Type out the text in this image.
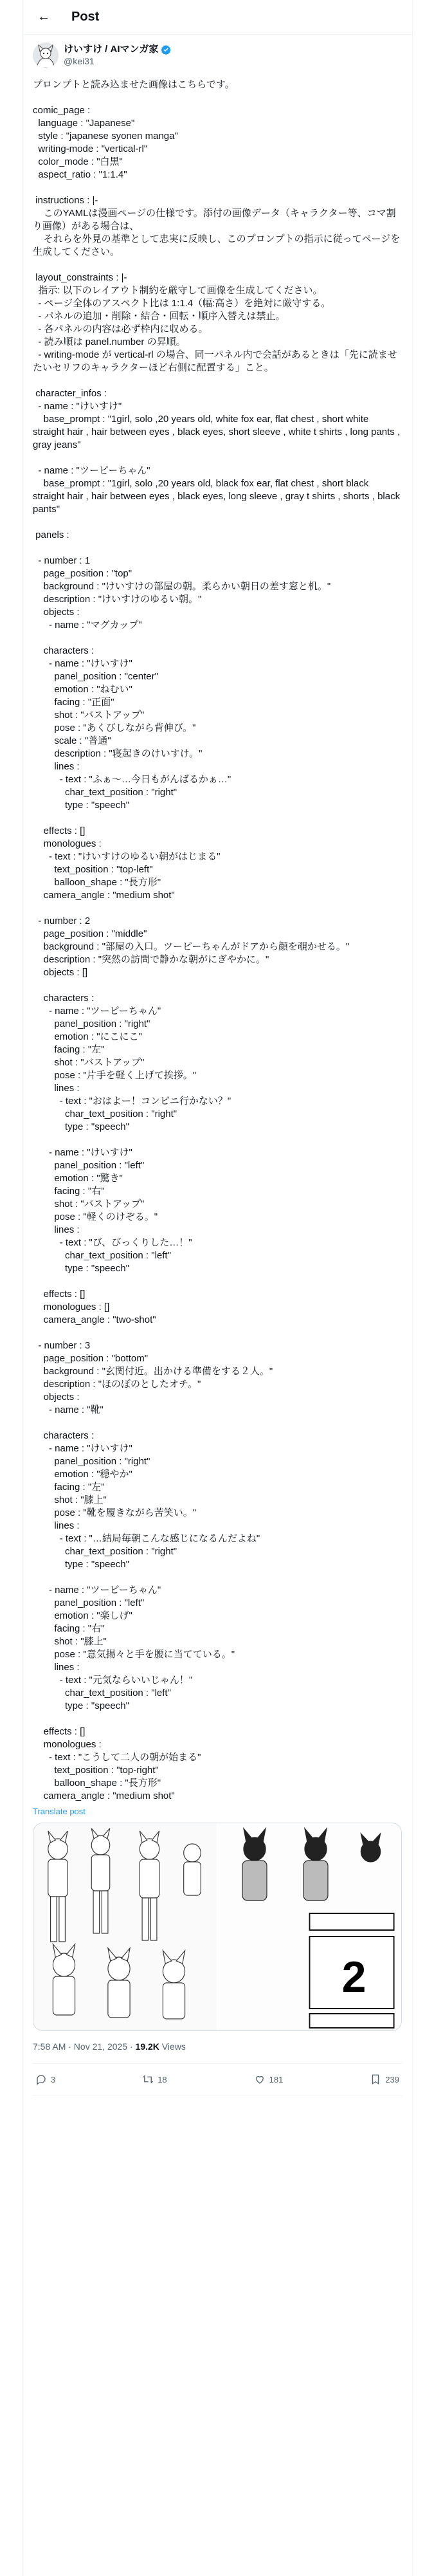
← Post
けいすけ / AIマンガ家
@kei31
プロンプトと読み込ませた画像はこちらです。

comic_page :
language : "Japanese"
style : "japanese syonen manga"
writing-mode : "vertical-rl"
color_mode : "白黒"
aspect_ratio : "1:1.4"

instructions : |-
このYAMLは漫画ページの仕様です。添付の画像データ（キャラクター等、コマ割り画像）がある場合は、
それらを外見の基準として忠実に反映し、このプロンプトの指示に従ってページを生成してください。

layout_constraints : |-
指示: 以下のレイアウト制約を厳守して画像を生成してください。
- ページ全体のアスペクト比は 1:1.4（幅:高さ）を絶対に厳守する。
- パネルの追加・削除・結合・回転・順序入替えは禁止。
- 各パネルの内容は必ず枠内に収める。
- 読み順は panel.number の昇順。
- writing-mode が vertical-rl の場合、同一パネル内で会話があるときは「先に読ませたいセリフのキャラクターほど右側に配置する」こと。

character_infos :
- name : "けいすけ"
base_prompt : "1girl, solo ,20 years old, white fox ear, flat chest , short white straight hair , hair between eyes , black eyes, short sleeve , white t shirts , long pants , gray jeans"

- name : "ツーピーちゃん"
base_prompt : "1girl, solo ,20 years old, black fox ear, flat chest , short black straight hair , hair between eyes , black eyes, long sleeve , gray t shirts , shorts , black pants"

panels :

- number : 1
page_position : "top"
background : "けいすけの部屋の朝。柔らかい朝日の差す窓と机。"
description : "けいすけのゆるい朝。"
objects :
- name : "マグカップ"

characters :
- name : "けいすけ"
panel_position : "center"
emotion : "ねむい"
facing : "正面"
shot : "バストアップ"
pose : "あくびしながら背伸び。"
scale : "普通"
description : "寝起きのけいすけ。"
lines :
- text : "ふぁ〜…今日もがんばるかぁ…"
char_text_position : "right"
type : "speech"

effects : []
monologues :
- text : "けいすけのゆるい朝がはじまる"
text_position : "top-left"
balloon_shape : "長方形"
camera_angle : "medium shot"

- number : 2
page_position : "middle"
background : "部屋の入口。ツーピーちゃんがドアから顔を覗かせる。"
description : "突然の訪問で静かな朝がにぎやかに。"
objects : []

characters :
- name : "ツーピーちゃん"
panel_position : "right"
emotion : "にこにこ"
facing : "左"
shot : "バストアップ"
pose : "片手を軽く上げて挨拶。"
lines :
- text : "おはよー！コンビニ行かない？"
char_text_position : "right"
type : "speech"

- name : "けいすけ"
panel_position : "left"
emotion : "驚き"
facing : "右"
shot : "バストアップ"
pose : "軽くのけぞる。"
lines :
- text : "び、びっくりした…！"
char_text_position : "left"
type : "speech"

effects : []
monologues : []
camera_angle : "two-shot"

- number : 3
page_position : "bottom"
background : "玄関付近。出かける準備をする２人。"
description : "ほのぼのとしたオチ。"
objects :
- name : "靴"

characters :
- name : "けいすけ"
panel_position : "right"
emotion : "穏やか"
facing : "左"
shot : "膝上"
pose : "靴を履きながら苦笑い。"
lines :
- text : "…結局毎朝こんな感じになるんだよね"
char_text_position : "right"
type : "speech"

- name : "ツーピーちゃん"
panel_position : "left"
emotion : "楽しげ"
facing : "右"
shot : "膝上"
pose : "意気揚々と手を腰に当てている。"
lines :
- text : "元気ならいいじゃん！"
char_text_position : "left"
type : "speech"

effects : []
monologues :
- text : "こうして二人の朝が始まる"
text_position : "top-right"
balloon_shape : "長方形"
camera_angle : "medium shot"
Translate post
2
7:58 AM · Nov 21, 2025 · 19.2K Views
3	18	181	239
